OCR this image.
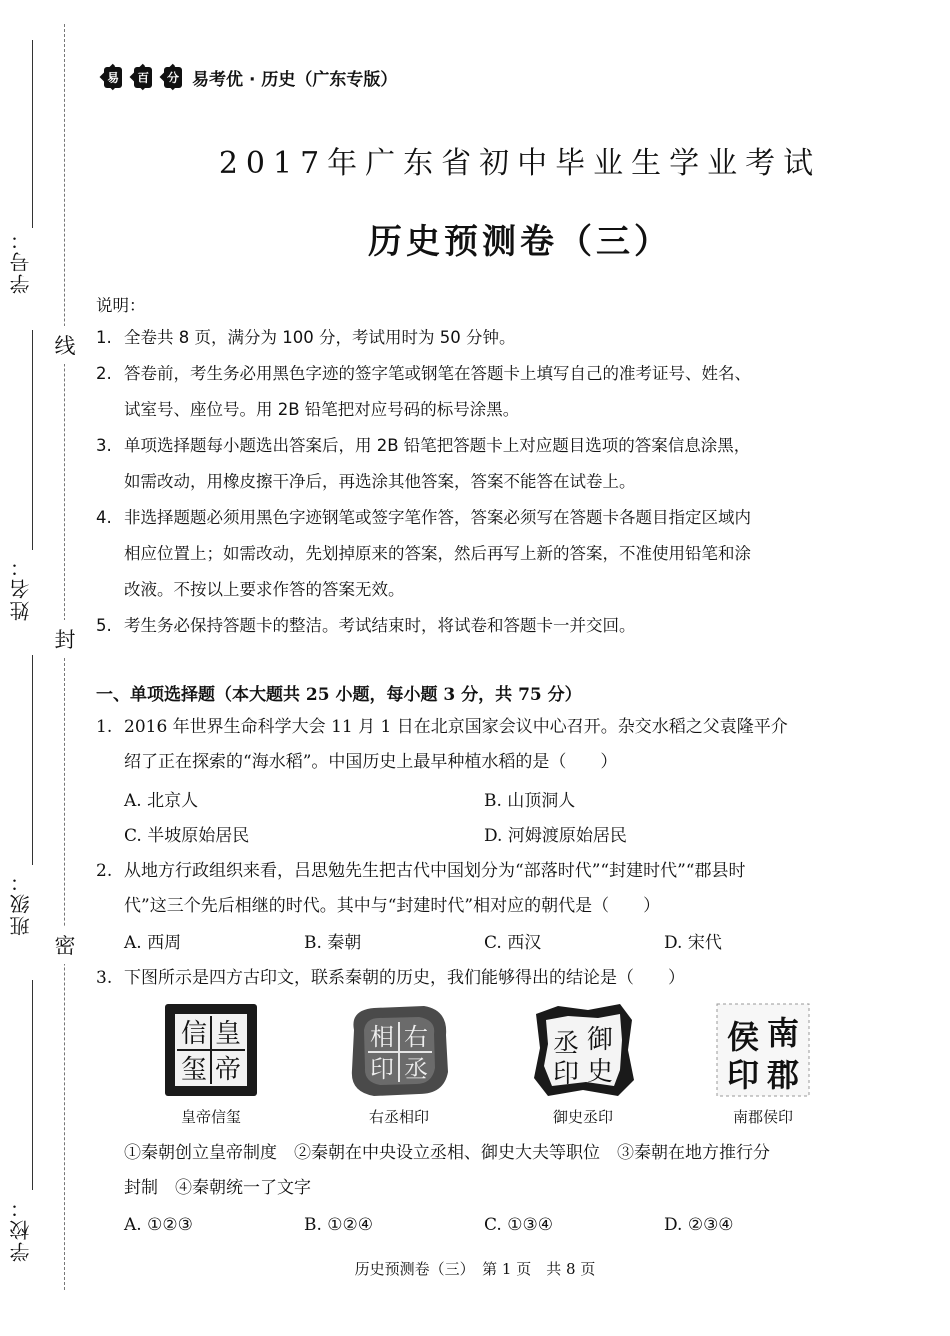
学号：
姓名：
班级：
学校：
线
封
密
易 百 分 易考优 · 历史（广东专版）
2017年广东省初中毕业生学业考试
历史预测卷（三）
说明：

1. 全卷共 8 页，满分为 100 分，考试用时为 50 分钟。

2. 答卷前，考生务必用黑色字迹的签字笔或钢笔在答题卡上填写自己的准考证号、姓名、

试室号、座位号。用 2B 铅笔把对应号码的标号涂黑。

3. 单项选择题每小题选出答案后，用 2B 铅笔把答题卡上对应题目选项的答案信息涂黑，

如需改动，用橡皮擦干净后，再选涂其他答案，答案不能答在试卷上。

4. 非选择题题必须用黑色字迹钢笔或签字笔作答，答案必须写在答题卡各题目指定区域内

相应位置上；如需改动，先划掉原来的答案，然后再写上新的答案，不准使用铅笔和涂

改液。不按以上要求作答的答案无效。

5. 考生务必保持答题卡的整洁。考试结束时，将试卷和答题卡一并交回。

一、单项选择题（本大题共 25 小题，每小题 3 分，共 75 分）
1. 2016 年世界生命科学大会 11 月 1 日在北京国家会议中心召开。杂交水稻之父袁隆平介
绍了正在探索的“海水稻”。中国历史上最早种植水稻的是（　　）
A. 北京人	B. 山顶洞人
C. 半坡原始居民	D. 河姆渡原始居民
2. 从地方行政组织来看，吕思勉先生把古代中国划分为“部落时代”“封建时代”“郡县时
代”这三个先后相继的时代。其中与“封建时代”相对应的朝代是（　　）
A. 西周	B. 秦朝	C. 西汉	D. 宋代
3. 下图所示是四方古印文，联系秦朝的历史，我们能够得出的结论是（　　）
皇
帝
信
玺
皇帝信玺
右
丞
相
印
右丞相印
御
史
丞
印
御史丞印
南
郡
侯
印
南郡侯印
①秦朝创立皇帝制度　②秦朝在中央设立丞相、御史大夫等职位　③秦朝在地方推行分
封制　④秦朝统一了文字
A. ①②③	B. ①②④	C. ①③④	D. ②③④
历史预测卷（三）　第 1 页　共 8 页
